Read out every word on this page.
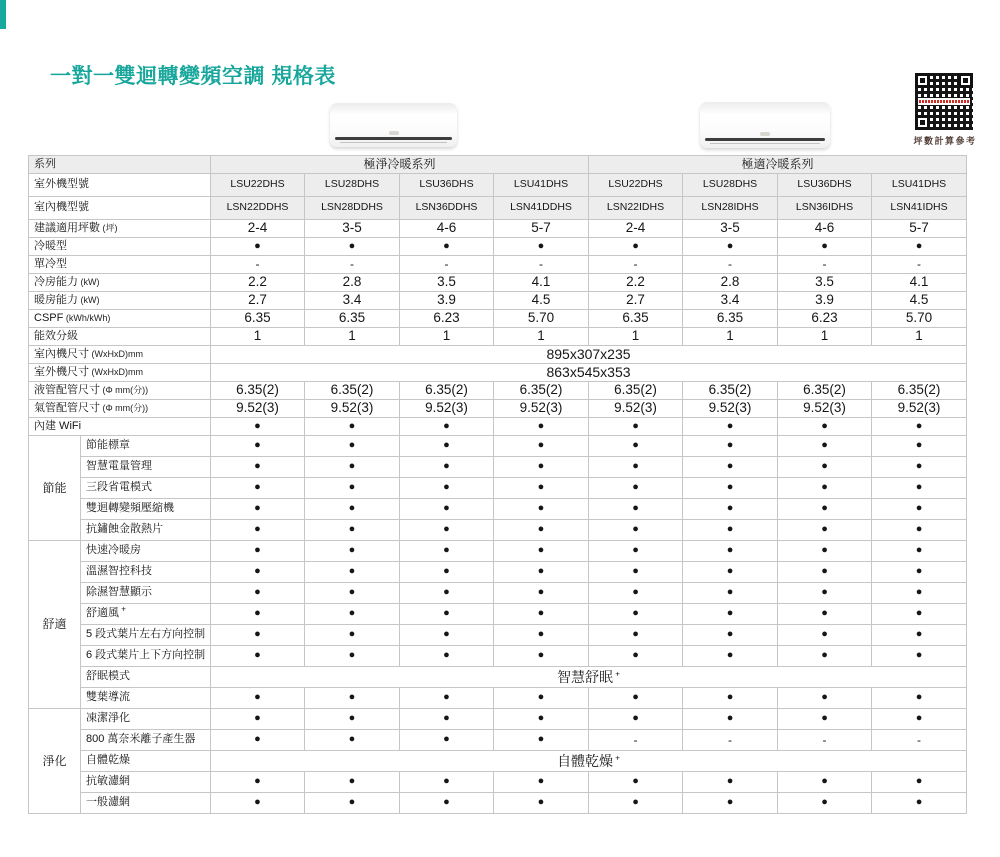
一對一雙迴轉變頻空調 規格表
坪數計算參考
系列		極淨冷暖系列				極適冷暖系列			
室外機型號		LSU22DHS	LSU28DHS	LSU36DHS	LSU41DHS	LSU22DHS	LSU28DHS	LSU36DHS	LSU41DHS
室內機型號		LSN22DDHS	LSN28DDHS	LSN36DDHS	LSN41DDHS	LSN22IDHS	LSN28IDHS	LSN36IDHS	LSN41IDHS
建議適用坪數 (坪)		2-4	3-5	4-6	5-7	2-4	3-5	4-6	5-7
冷暖型		●	●	●	●	●	●	●	●
單冷型		-	-	-	-	-	-	-	-
冷房能力 (kW)		2.2	2.8	3.5	4.1	2.2	2.8	3.5	4.1
暖房能力 (kW)		2.7	3.4	3.9	4.5	2.7	3.4	3.9	4.5
CSPF (kWh/kWh)		6.35	6.35	6.23	5.70	6.35	6.35	6.23	5.70
能效分級		1	1	1	1	1	1	1	1
室內機尺寸 (WxHxD)mm		895x307x235							
室外機尺寸 (WxHxD)mm		863x545x353							
液管配管尺寸 (Φ mm(分))		6.35(2)	6.35(2)	6.35(2)	6.35(2)	6.35(2)	6.35(2)	6.35(2)	6.35(2)
氣管配管尺寸 (Φ mm(分))		9.52(3)	9.52(3)	9.52(3)	9.52(3)	9.52(3)	9.52(3)	9.52(3)	9.52(3)
內建 WiFi		●	●	●	●	●	●	●	●
節能	節能標章	●	●	●	●	●	●	●	●
	智慧電量管理	●	●	●	●	●	●	●	●
	三段省電模式	●	●	●	●	●	●	●	●
	雙迴轉變頻壓縮機	●	●	●	●	●	●	●	●
	抗鏽蝕金散熱片	●	●	●	●	●	●	●	●
舒適	快速冷暖房	●	●	●	●	●	●	●	●
	溫濕智控科技	●	●	●	●	●	●	●	●
	除濕智慧顯示	●	●	●	●	●	●	●	●
	舒適風 +	●	●	●	●	●	●	●	●
	5 段式葉片左右方向控制	●	●	●	●	●	●	●	●
	6 段式葉片上下方向控制	●	●	●	●	●	●	●	●
	舒眠模式	智慧舒眠 +
	雙葉導流	●	●	●	●	●	●	●	●
淨化	凍潔淨化	●	●	●	●	●	●	●	●
	800 萬奈米離子產生器	●	●	●	●	-	-	-	-
	自體乾燥	自體乾燥 +
	抗敏濾網	●	●	●	●	●	●	●	●
	一般濾網	●	●	●	●	●	●	●	●
